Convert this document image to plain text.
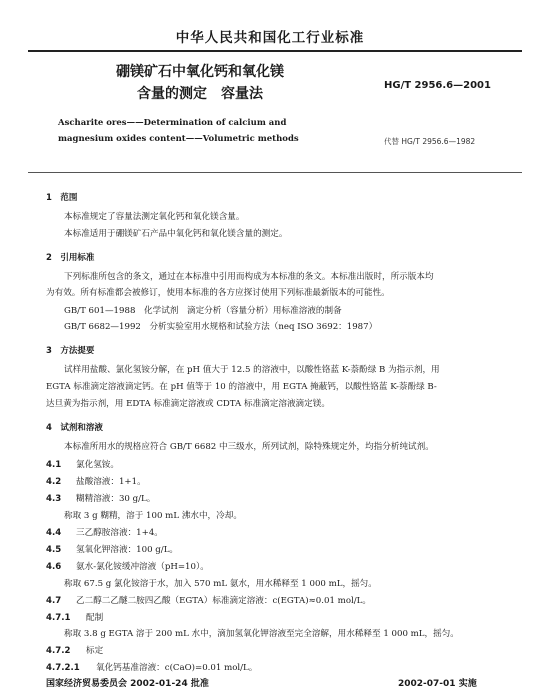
中华人民共和国化工行业标准
硼镁矿石中氧化钙和氧化镁
含量的测定　容量法
HG/T 2956.6—2001
代替 HG/T 2956.6—1982
Ascharite ores——Determination of calcium and
magnesium oxides content——Volumetric methods
1　范围
本标准规定了容量法测定氧化钙和氧化镁含量。
本标准适用于硼镁矿石产品中氧化钙和氧化镁含量的测定。
2　引用标准
下列标准所包含的条文，通过在本标准中引用而构成为本标准的条文。本标准出版时，所示版本均
为有效。所有标准都会被修订，使用本标准的各方应探讨使用下列标准最新版本的可能性。
GB/T 601—1988　化学试剂　滴定分析（容量分析）用标准溶液的制备
GB/T 6682—1992　分析实验室用水规格和试验方法（neq ISO 3692：1987）
3　方法提要
试样用盐酸、氯化氢铵分解，在 pH 值大于 12.5 的溶液中，以酸性铬蓝 K-萘酚绿 B 为指示剂，用
EGTA 标准滴定溶液滴定钙。在 pH 值等于 10 的溶液中，用 EGTA 掩蔽钙，以酸性铬蓝 K-萘酚绿 B-
达旦黄为指示剂，用 EDTA 标准滴定溶液或 CDTA 标准滴定溶液滴定镁。
4　试剂和溶液
本标准所用水的规格应符合 GB/T 6682 中三级水，所列试剂，除特殊规定外，均指分析纯试剂。
4.1 氯化氢铵。
4.2 盐酸溶液：1+1。
4.3 糊精溶液：30 g/L。
称取 3 g 糊精，溶于 100 mL 沸水中，冷却。
4.4 三乙醇胺溶液：1+4。
4.5 氢氧化钾溶液：100 g/L。
4.6 氨水-氯化铵缓冲溶液（pH=10）。
称取 67.5 g 氯化铵溶于水，加入 570 mL 氨水，用水稀释至 1 000 mL，摇匀。
4.7 乙二醇二乙醚二胺四乙酸（EGTA）标准滴定溶液：c(EGTA)≈0.01 mol/L。
4.7.1 配制
称取 3.8 g EGTA 溶于 200 mL 水中，滴加氢氧化钾溶液至完全溶解，用水稀释至 1 000 mL，摇匀。
4.7.2 标定
4.7.2.1 氧化钙基准溶液：c(CaO)=0.01 mol/L。
国家经济贸易委员会 2002-01-24 批准	2002-07-01 实施
